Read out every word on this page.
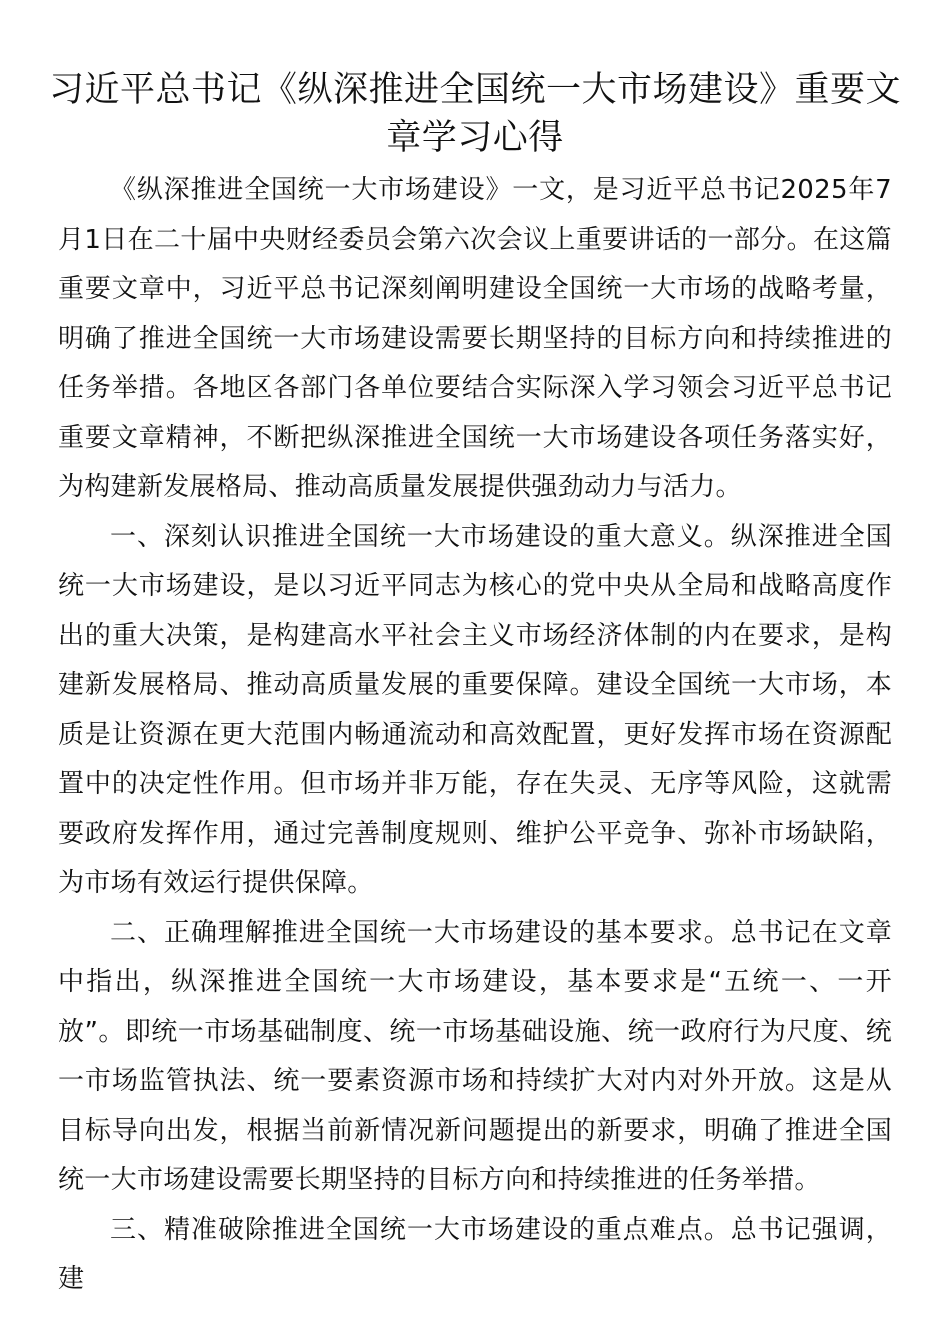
习近平总书记《纵深推进全国统一大市场建设》重要文章学习心得

《纵深推进全国统一大市场建设》一文，是习近平总书记2025年7月1日在二十届中央财经委员会第六次会议上重要讲话的一部分。在这篇重要文章中，习近平总书记深刻阐明建设全国统一大市场的战略考量，明确了推进全国统一大市场建设需要长期坚持的目标方向和持续推进的任务举措。各地区各部门各单位要结合实际深入学习领会习近平总书记重要文章精神，不断把纵深推进全国统一大市场建设各项任务落实好，为构建新发展格局、推动高质量发展提供强劲动力与活力。

一、深刻认识推进全国统一大市场建设的重大意义。纵深推进全国统一大市场建设，是以习近平同志为核心的党中央从全局和战略高度作出的重大决策，是构建高水平社会主义市场经济体制的内在要求，是构建新发展格局、推动高质量发展的重要保障。建设全国统一大市场，本质是让资源在更大范围内畅通流动和高效配置，更好发挥市场在资源配置中的决定性作用。但市场并非万能，存在失灵、无序等风险，这就需要政府发挥作用，通过完善制度规则、维护公平竞争、弥补市场缺陷，为市场有效运行提供保障。

二、正确理解推进全国统一大市场建设的基本要求。总书记在文章中指出，纵深推进全国统一大市场建设，基本要求是“五统一、一开放”。即统一市场基础制度、统一市场基础设施、统一政府行为尺度、统一市场监管执法、统一要素资源市场和持续扩大对内对外开放。这是从目标导向出发，根据当前新情况新问题提出的新要求，明确了推进全国统一大市场建设需要长期坚持的目标方向和持续推进的任务举措。

三、精准破除推进全国统一大市场建设的重点难点。总书记强调，建
